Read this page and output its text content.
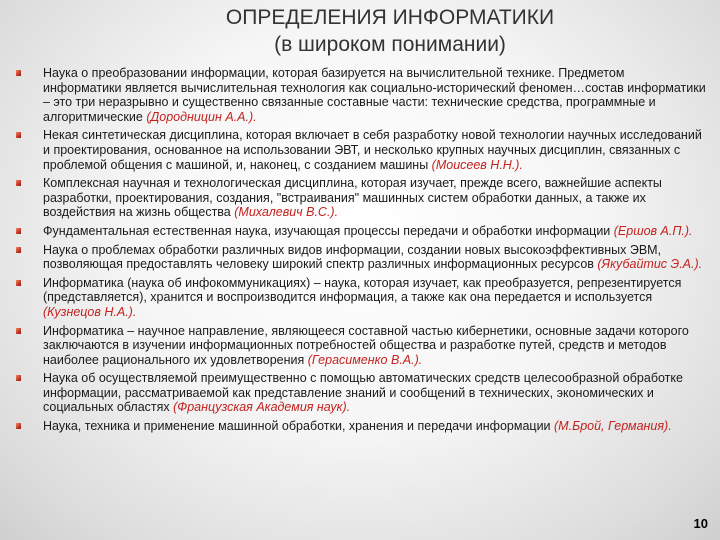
ОПРЕДЕЛЕНИЯ ИНФОРМАТИКИ
(в широком понимании)
Наука о преобразовании информации, которая базируется на вычислительной технике. Предметом информатики является вычислительная технология как социально-исторический феномен…состав информатики – это три неразрывно и существенно связанные составные части: технические средства, программные и алгоритмические (Дородницин А.А.).
Некая синтетическая дисциплина, которая включает в себя разработку новой технологии научных исследований и проектирования, основанное на использовании ЭВТ, и несколько крупных научных дисциплин, связанных с проблемой общения с машиной, и, наконец, с созданием машины (Моисеев Н.Н.).
Комплексная научная и технологическая дисциплина, которая изучает, прежде всего, важнейшие аспекты разработки, проектирования, создания, "встраивания" машинных систем обработки данных, а также их воздействия на жизнь общества (Михалевич В.С.).
Фундаментальная естественная наука, изучающая процессы передачи и обработки информации (Ершов А.П.).
Наука о проблемах обработки различных видов информации, создании новых высокоэффективных ЭВМ, позволяющая предоставлять человеку широкий спектр различных информационных ресурсов (Якубайтис Э.А.).
Информатика (наука об инфокоммуникациях) – наука, которая изучает, как преобразуется, репрезентируется (представляется), хранится и воспроизводится информация, а также как она передается и используется (Кузнецов Н.А.).
Информатика – научное направление, являющееся составной частью кибернетики, основные задачи которого заключаются в изучении информационных потребностей общества и разработке путей, средств и методов наиболее рационального их удовлетворения (Герасименко В.А.).
Наука об осуществляемой преимущественно с помощью автоматических средств целесообразной обработке информации, рассматриваемой как представление знаний и сообщений в технических, экономических и социальных областях (Французская Академия наук).
Наука, техника и применение машинной обработки, хранения и передачи информации (М.Брой, Германия).
10
